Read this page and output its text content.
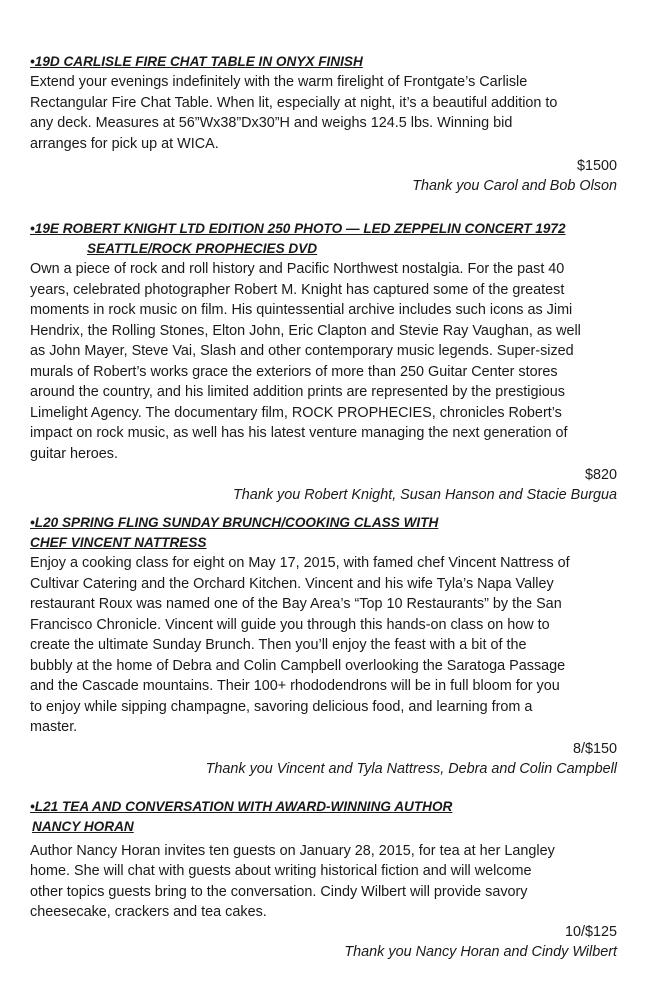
•19D CARLISLE FIRE CHAT TABLE IN ONYX FINISH
Extend your evenings indefinitely with the warm firelight of Frontgate’s Carlisle
Rectangular Fire Chat Table. When lit, especially at night, it’s a beautiful addition to
any deck. Measures at 56”Wx38”Dx30”H and weighs 124.5 lbs. Winning bid
arranges for pick up at WICA.
$1500
Thank you Carol and Bob Olson
•19E ROBERT KNIGHT LTD EDITION 250 PHOTO — LED ZEPPELIN CONCERT 1972
SEATTLE/ROCK PROPHECIES DVD
Own a piece of rock and roll history and Pacific Northwest nostalgia. For the past 40
years, celebrated photographer Robert M. Knight has captured some of the greatest
moments in rock music on film. His quintessential archive includes such icons as Jimi
Hendrix, the Rolling Stones, Elton John, Eric Clapton and Stevie Ray Vaughan, as well
as John Mayer, Steve Vai, Slash and other contemporary music legends. Super-sized
murals of Robert’s works grace the exteriors of more than 250 Guitar Center stores
around the country, and his limited addition prints are represented by the prestigious
Limelight Agency. The documentary film, ROCK PROPHECIES, chronicles Robert’s
impact on rock music, as well has his latest venture managing the next generation of
guitar heroes.
$820
Thank you Robert Knight, Susan Hanson and Stacie Burgua
•L20 SPRING FLING SUNDAY BRUNCH/COOKING CLASS WITH
CHEF VINCENT NATTRESS
Enjoy a cooking class for eight on May 17, 2015, with famed chef Vincent Nattress of
Cultivar Catering and the Orchard Kitchen. Vincent and his wife Tyla’s Napa Valley
restaurant Roux was named one of the Bay Area’s “Top 10 Restaurants” by the San
Francisco Chronicle. Vincent will guide you through this hands-on class on how to
create the ultimate Sunday Brunch. Then you’ll enjoy the feast with a bit of the
bubbly at the home of Debra and Colin Campbell overlooking the Saratoga Passage
and the Cascade mountains. Their 100+ rhododendrons will be in full bloom for you
to enjoy while sipping champagne, savoring delicious food, and learning from a
master.
8/$150
Thank you Vincent and Tyla Nattress, Debra and Colin Campbell
•L21 TEA AND CONVERSATION WITH AWARD-WINNING AUTHOR
NANCY HORAN
Author Nancy Horan invites ten guests on January 28, 2015, for tea at her Langley
home. She will chat with guests about writing historical fiction and will welcome
other topics guests bring to the conversation. Cindy Wilbert will provide savory
cheesecake, crackers and tea cakes.
10/$125
Thank you Nancy Horan and Cindy Wilbert
